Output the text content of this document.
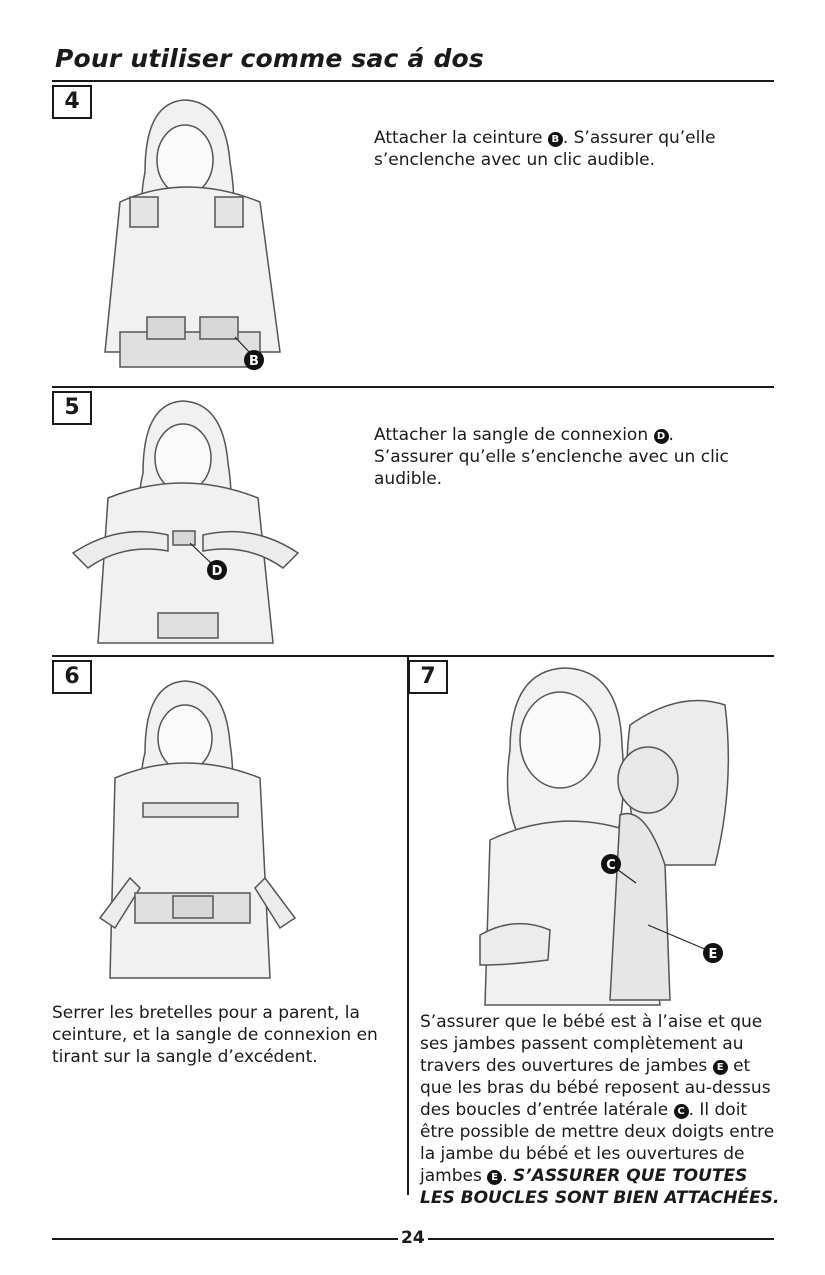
Pour utiliser comme sac á dos
4
B
Attacher la ceinture B . S’assurer qu’elle s’enclenche avec un clic audible.
5
D
Attacher la sangle de connexion D . S’assurer qu’elle s’enclenche avec un clic audible.
6
Serrer les bretelles pour a parent, la ceinture, et la sangle de connexion en tirant sur la sangle d’excédent.
7
C
E
S’assurer que le bébé est à l’aise et que ses jambes passent complètement au travers des ouvertures de jambes E et que les bras du bébé reposent au-dessus des boucles d’entrée latérale C . Il doit être possible de mettre deux doigts entre la jambe du bébé et les ouvertures de jambes E . S’ASSURER QUE TOUTES LES BOUCLES SONT BIEN ATTACHÉES.
24
